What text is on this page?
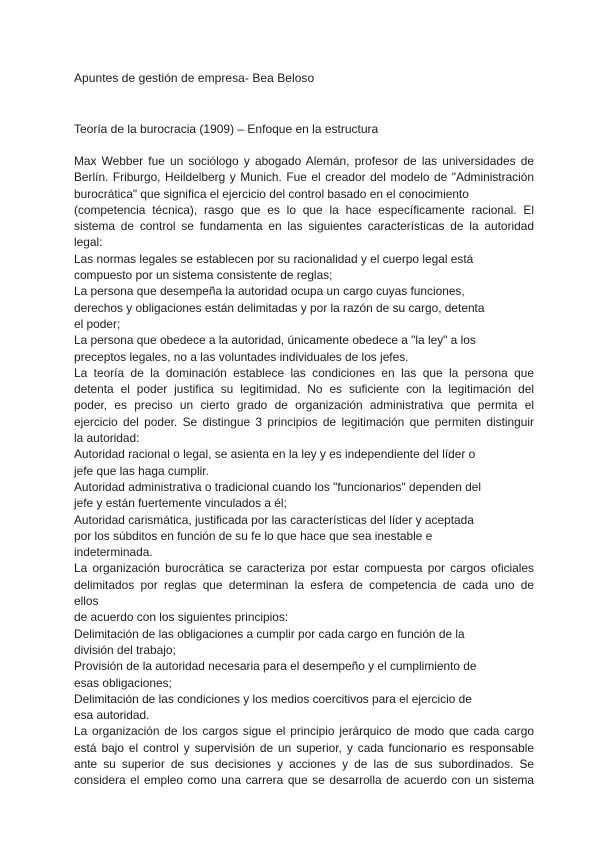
Apuntes de gestión de empresa- Bea Beloso
Teoría de la burocracia (1909) – Enfoque en la estructura
Max Webber fue un sociólogo y abogado Alemán, profesor de las universidades de
Berlín. Friburgo, Heildelberg y Munich. Fue el creador del modelo de "Administración
burocrática" que significa el ejercicio del control basado en el conocimiento
(competencia técnica), rasgo que es lo que la hace específicamente racional. El
sistema de control se fundamenta en las siguientes características de la autoridad
legal:
Las normas legales se establecen por su racionalidad y el cuerpo legal está
compuesto por un sistema consistente de reglas;
La persona que desempeña la autoridad ocupa un cargo cuyas funciones,
derechos y obligaciones están delimitadas y por la razón de su cargo, detenta
el poder;
La persona que obedece a la autoridad, únicamente obedece a "la ley" a los
preceptos legales, no a las voluntades individuales de los jefes.
La teoría de la dominación establece las condiciones en las que la persona que
detenta el poder justifica su legitimidad. No es suficiente con la legitimación del
poder, es preciso un cierto grado de organización administrativa que permita el
ejercicio del poder. Se distingue 3 principios de legitimación que permiten distinguir
la autoridad:
Autoridad racional o legal, se asienta en la ley y es independiente del líder o
jefe que las haga cumplir.
Autoridad administrativa o tradicional cuando los "funcionarios" dependen del
jefe y están fuertemente vinculados a él;
Autoridad carismática, justificada por las características del líder y aceptada
por los súbditos en función de su fe lo que hace que sea inestable e
indeterminada.
La organización burocrática se caracteriza por estar compuesta por cargos oficiales
delimitados por reglas que determinan la esfera de competencia de cada uno de
ellos
de acuerdo con los siguientes principios:
Delimitación de las obligaciones a cumplir por cada cargo en función de la
división del trabajo;
Provisión de la autoridad necesaria para el desempeño y el cumplimiento de
esas obligaciones;
Delimitación de las condiciones y los medios coercitivos para el ejercicio de
esa autoridad.
La organización de los cargos sigue el principio jerárquico de modo que cada cargo
está bajo el control y supervisión de un superior, y cada funcionario es responsable
ante su superior de sus decisiones y acciones y de las de sus subordinados. Se
considera el empleo como una carrera que se desarrolla de acuerdo con un sistema
